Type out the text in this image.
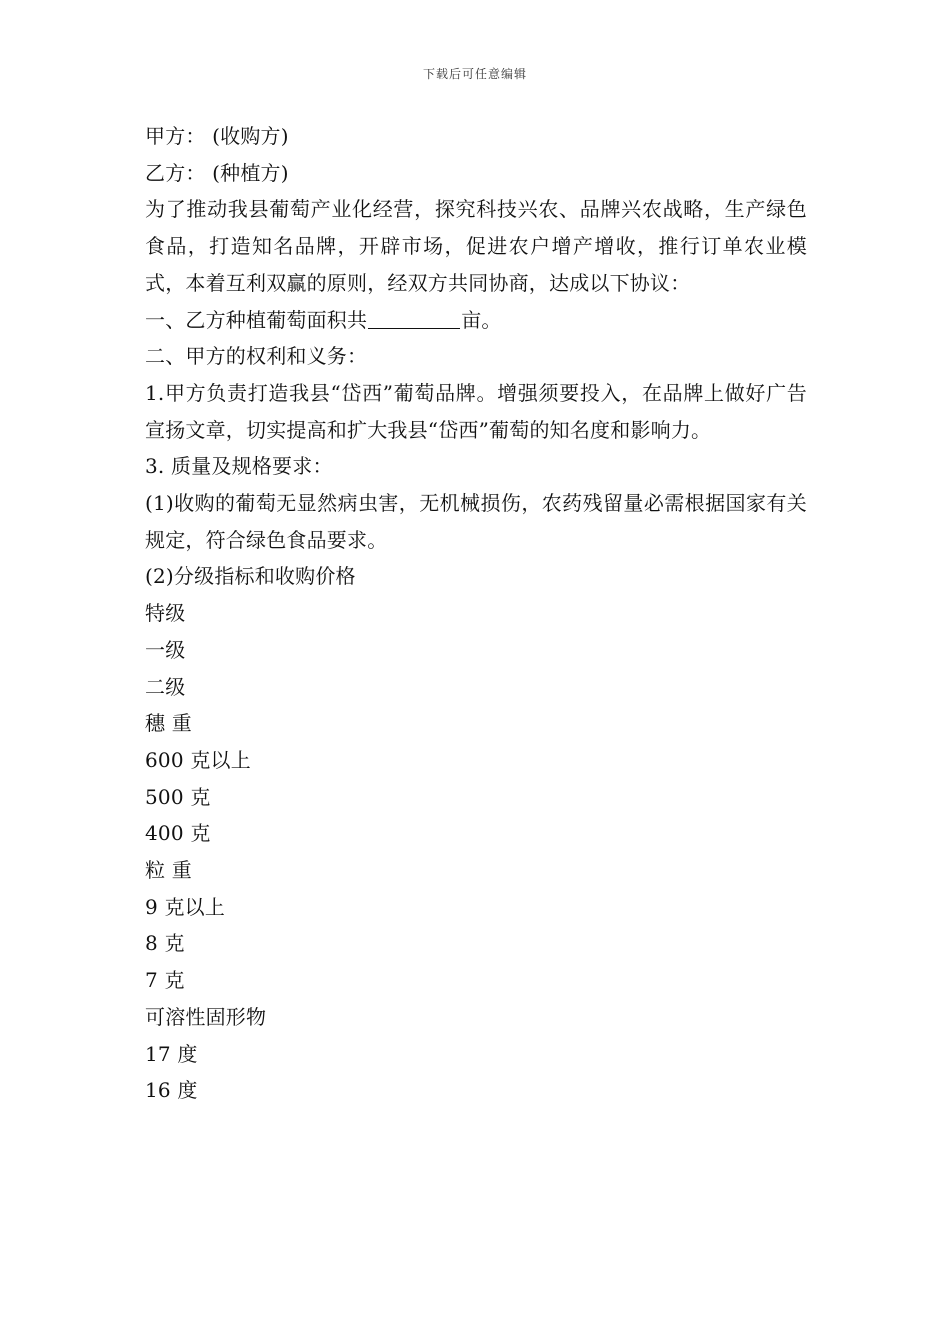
下载后可任意编辑

甲方： (收购方)

乙方： (种植方)

为了推动我县葡萄产业化经营，探究科技兴农、品牌兴农战略，生产绿色食品，打造知名品牌，开辟市场，促进农户增产增收，推行订单农业模式，本着互利双赢的原则，经双方共同协商，达成以下协议：

一、乙方种植葡萄面积共	亩。

二、甲方的权利和义务：

1.甲方负责打造我县“岱西”葡萄品牌。增强须要投入，在品牌上做好广告宣扬文章，切实提高和扩大我县“岱西”葡萄的知名度和影响力。

3. 质量及规格要求：

(1)收购的葡萄无显然病虫害，无机械损伤，农药残留量必需根据国家有关规定，符合绿色食品要求。

(2)分级指标和收购价格

特级

一级

二级

穗 重

600 克以上

500 克

400 克

粒 重

9 克以上

8 克

7 克

可溶性固形物

17 度

16 度
